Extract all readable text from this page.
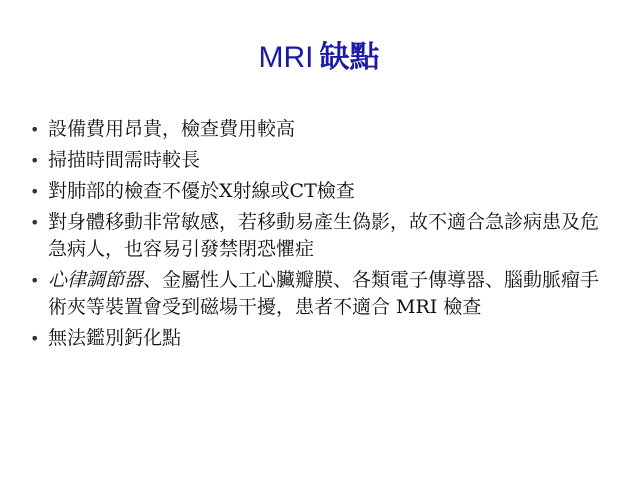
MRI 缺點
• 設備費用昂貴，檢查費用較高
• 掃描時間需時較長
• 對肺部的檢查不優於X射線或CT檢查
• 對身體移動非常敏感，若移動易產生偽影，故不適合急診病患及危急病人，也容易引發禁閉恐懼症
• 心律調節器、金屬性人工心臟瓣膜、各類電子傳導器、腦動脈瘤手術夾等裝置會受到磁場干擾，患者不適合 MRI 檢查
• 無法鑑別鈣化點
